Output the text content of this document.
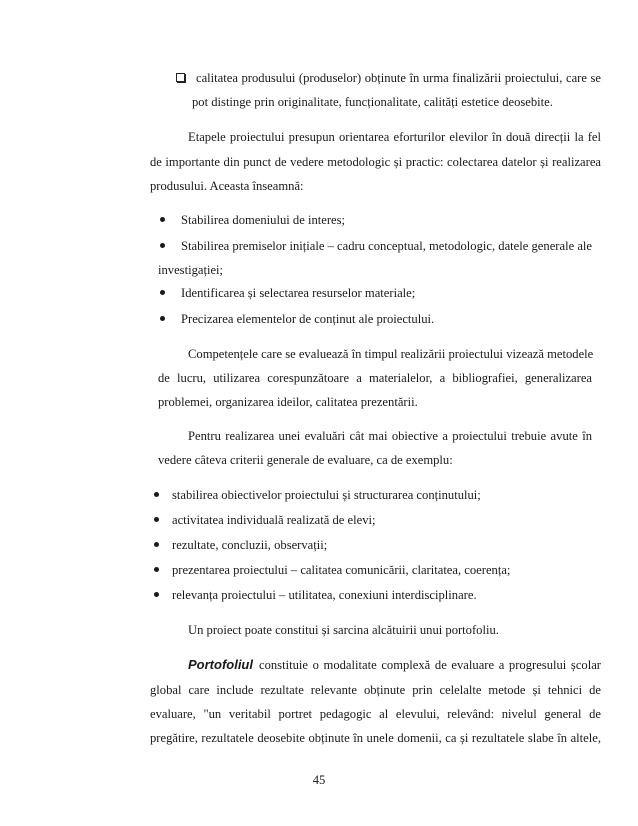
calitatea produsului (produselor) obținute în urma finalizării proiectului, care se
pot distinge prin originalitate, funcționalitate, calități estetice deosebite.
Etapele proiectului presupun orientarea eforturilor elevilor în două direcții la fel
de importante din punct de vedere metodologic și practic: colectarea datelor și realizarea
produsului. Aceasta înseamnă:
Stabilirea domeniului de interes;
Stabilirea premiselor inițiale – cadru conceptual, metodologic, datele generale ale
investigației;
Identificarea și selectarea resurselor materiale;
Precizarea elementelor de conținut ale proiectului.
Competențele care se evaluează în timpul realizării proiectului vizează metodele
de lucru, utilizarea corespunzătoare a materialelor, a bibliografiei, generalizarea
problemei, organizarea ideilor, calitatea prezentării.
Pentru realizarea unei evaluări cât mai obiective a proiectului trebuie avute în
vedere câteva criterii generale de evaluare, ca de exemplu:
stabilirea obiectivelor proiectului și structurarea conținutului;
activitatea individuală realizată de elevi;
rezultate, concluzii, observații;
prezentarea proiectului – calitatea comunicării, claritatea, coerența;
relevanța proiectului – utilitatea, conexiuni interdisciplinare.
Un proiect poate constitui și sarcina alcătuirii unui portofoliu.
Portofoliul constituie o modalitate complexă de evaluare a progresului școlar
global care include rezultate relevante obținute prin celelalte metode și tehnici de
evaluare, "un veritabil portret pedagogic al elevului, relevând: nivelul general de
pregătire, rezultatele deosebite obținute în unele domenii, ca și rezultatele slabe în altele,
45
